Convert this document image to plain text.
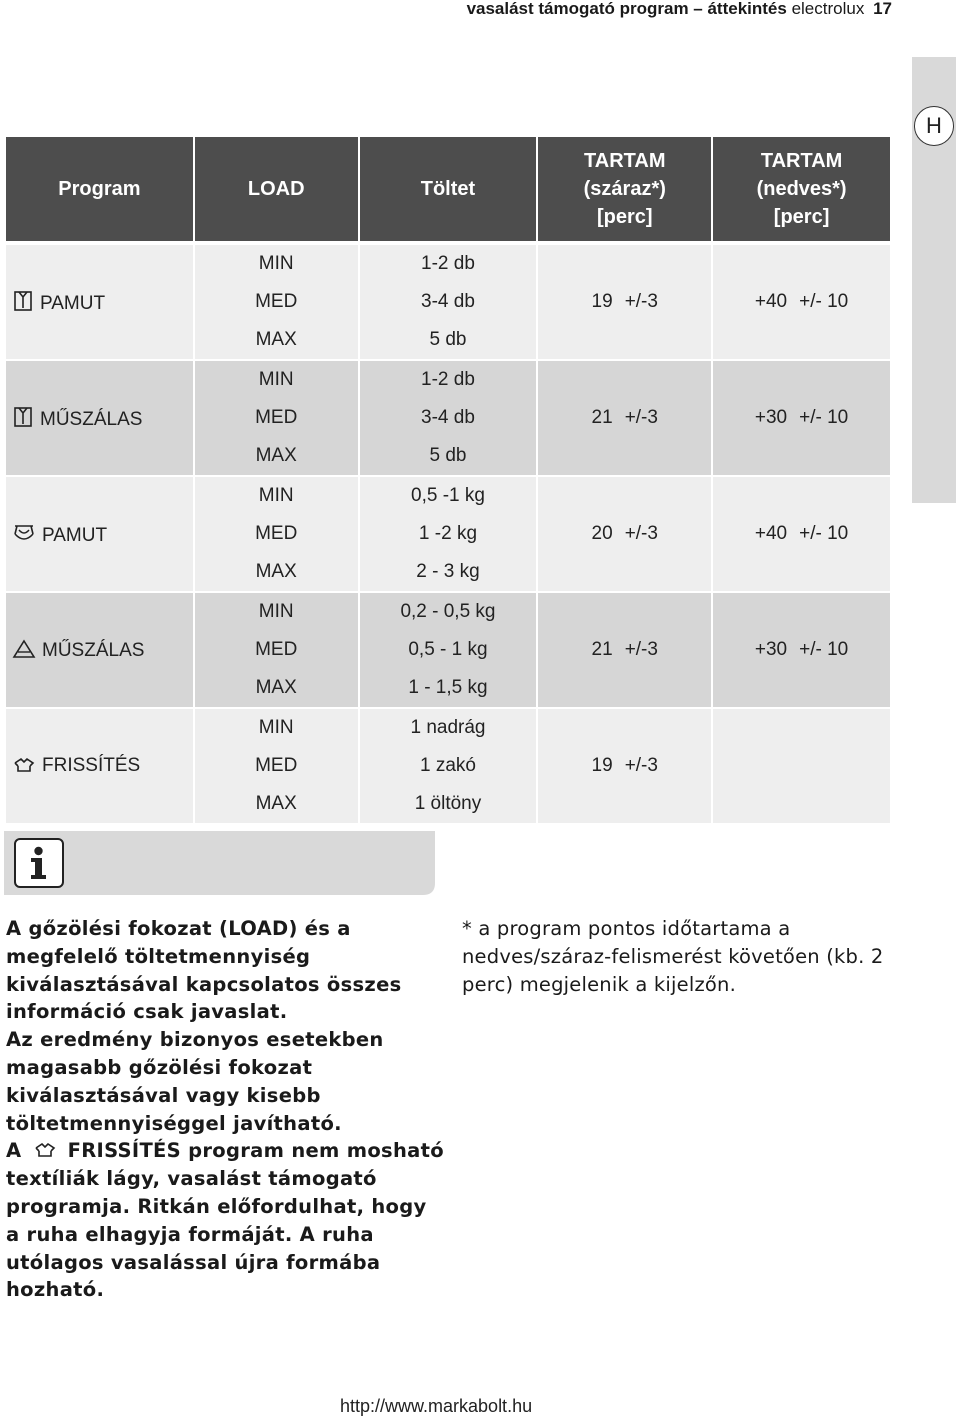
vasalást támogató program – áttekintés electrolux 17
H
Program	LOAD	Töltet	TARTAM
(száraz*)
[perc]	TARTAM
(nedves*)
[perc]
	MIN	1-2 db		
PAMUT	MED	3-4 db	19 +/-3	+40 +/- 10
	MAX	5 db		
	MIN	1-2 db		
MŰSZÁLAS	MED	3-4 db	21 +/-3	+30 +/- 10
	MAX	5 db		
	MIN	0,5 -1 kg		
PAMUT	MED	1 -2 kg	20 +/-3	+40 +/- 10
	MAX	2 - 3 kg		
	MIN	0,2 - 0,5 kg		
MŰSZÁLAS	MED	0,5 - 1 kg	21 +/-3	+30 +/- 10
	MAX	1 - 1,5 kg		
	MIN	1 nadrág		
FRISSÍTÉS	MED	1 zakó	19 +/-3	
	MAX	1 öltöny		

A gőzölési fokozat (LOAD) és a megfelelő töltetmennyiség kiválasztásával kapcsolatos összes információ csak javaslat.

Az eredmény bizonyos esetekben magasabb gőzölési fokozat kiválasztásával vagy kisebb töltetmennyiséggel javítható.

A FRISSÍTÉS program nem mosható textíliák lágy, vasalást támogató programja. Ritkán előfordulhat, hogy a ruha elhagyja formáját. A ruha utólagos vasalással újra formába hozható.

* a program pontos időtartama a nedves/száraz-felismerést követően (kb. 2 perc) megjelenik a kijelzőn.
http://www.markabolt.hu
